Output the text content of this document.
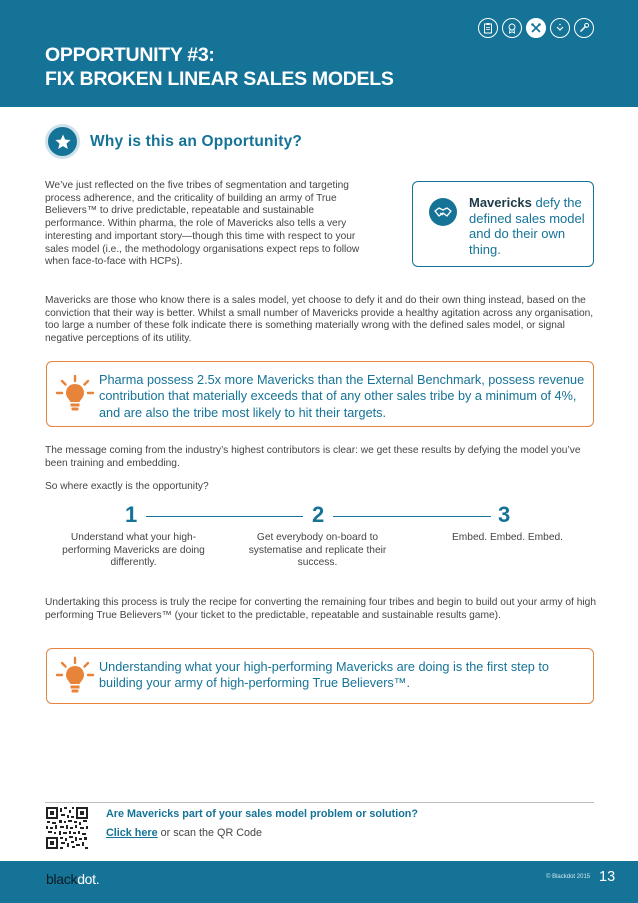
OPPORTUNITY #3:
FIX BROKEN LINEAR SALES MODELS
Why is this an Opportunity?
We’ve just reflected on the five tribes of segmentation and targeting process adherence, and the criticality of building an army of True Believers™ to drive predictable, repeatable and sustainable performance. Within pharma, the role of Mavericks also tells a very interesting and important story—though this time with respect to your sales model (i.e., the methodology organisations expect reps to follow when face-to-face with HCPs).
Mavericks defy the defined sales model and do their own thing.
Mavericks are those who know there is a sales model, yet choose to defy it and do their own thing instead, based on the conviction that their way is better. Whilst a small number of Mavericks provide a healthy agitation across any organisation, too large a number of these folk indicate there is something materially wrong with the defined sales model, or signal negative perceptions of its utility.
Pharma possess 2.5x more Mavericks than the External Benchmark, possess revenue contribution that materially exceeds that of any other sales tribe by a minimum of 4%, and are also the tribe most likely to hit their targets.
The message coming from the industry’s highest contributors is clear: we get these results by defying the model you’ve been training and embedding.
So where exactly is the opportunity?
1	2	3
Understand what your high-performing Mavericks are doing differently.
Get everybody on-board to systematise and replicate their success.
Embed. Embed. Embed.
Undertaking this process is truly the recipe for converting the remaining four tribes and begin to build out your army of high performing True Believers™ (your ticket to the predictable, repeatable and sustainable results game).
Understanding what your high-performing Mavericks are doing is the first step to building your army of high-performing True Believers™.
Are Mavericks part of your sales model problem or solution?
Click here or scan the QR Code
blackdot.	© Blackdot 2015 13
